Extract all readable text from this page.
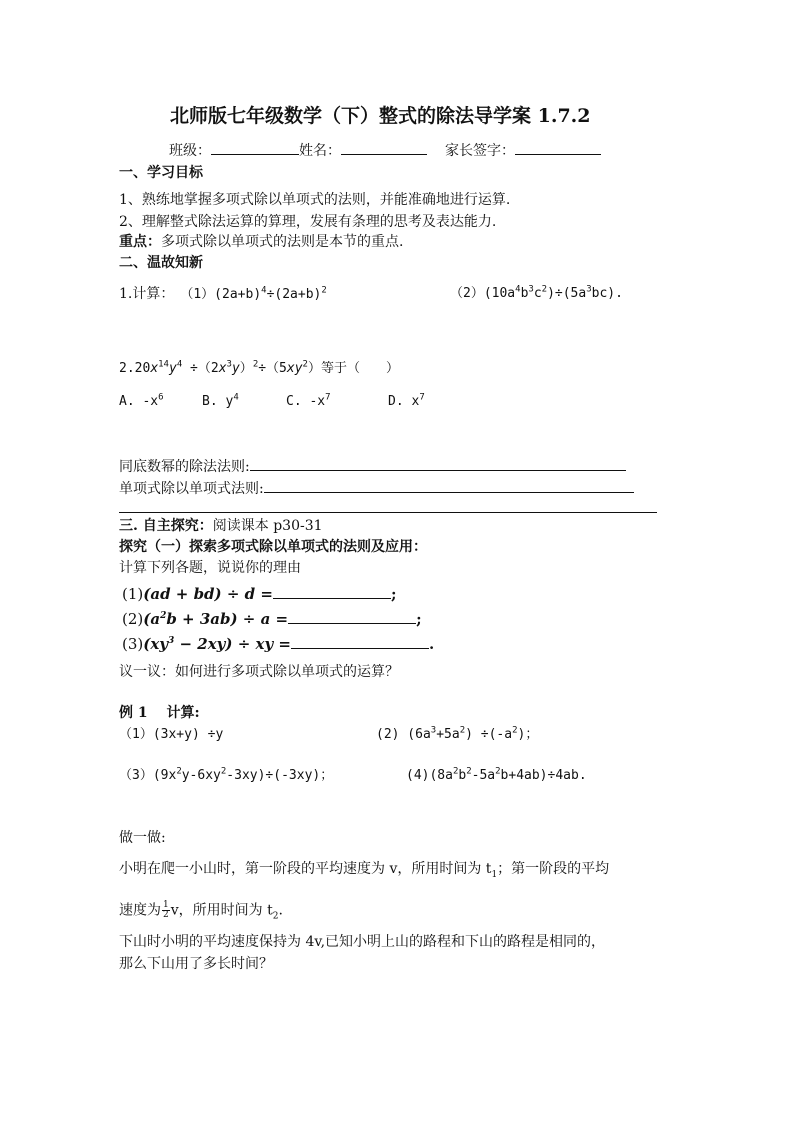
北师版七年级数学（下）整式的除法导学案 1.7.2
班级：	姓名：	家长签字：
一、学习目标
1、熟练地掌握多项式除以单项式的法则，并能准确地进行运算.
2、理解整式除法运算的算理，发展有条理的思考及表达能力.
重点：多项式除以单项式的法则是本节的重点.
二、温故知新
1.计算： $(1)(2a+b)^4\div(2a+b)^2$	$(2)(10a^4b^3c^2)\div(5a^3bc)$.
$2.20x^{14}y^4 \div(2x^3y)^2\div(5xy^2)$等于（　　）
A. $-x^6$	B. $y^4$	C. $-x^7$	D. $x^7$
同底数幂的除法法则:
单项式除以单项式法则:
三. 自主探究：阅读课本 p30-31
探究（一）探索多项式除以单项式的法则及应用：
计算下列各题，说说你的理由
(1)(ad + bd) ÷ d =	;
$(2)(a^2b + 3ab) \div a$ =	;
$(3)(xy^3 - 2xy)$ ÷ xy =	.
议一议：如何进行多项式除以单项式的运算？
例 1　 计算:
（1）(3x+y) ÷y	(2) $(6a^3+5a^2) \div(-a^2)$；
$(3)(9x^2y-6xy^2-3xy)\div(-3xy)$；	$(4)(8a^2b^2-5a^2b+4ab)\div 4ab$.
做一做:
小明在爬一小山时，第一阶段的平均速度为 v，所用时间为 $t_1$；第一阶段的平均
速度为 $\frac{1}{2}$ v，所用时间为 $t_2$.
下山时小明的平均速度保持为 4v,已知小明上山的路程和下山的路程是相同的，
那么下山用了多长时间？
